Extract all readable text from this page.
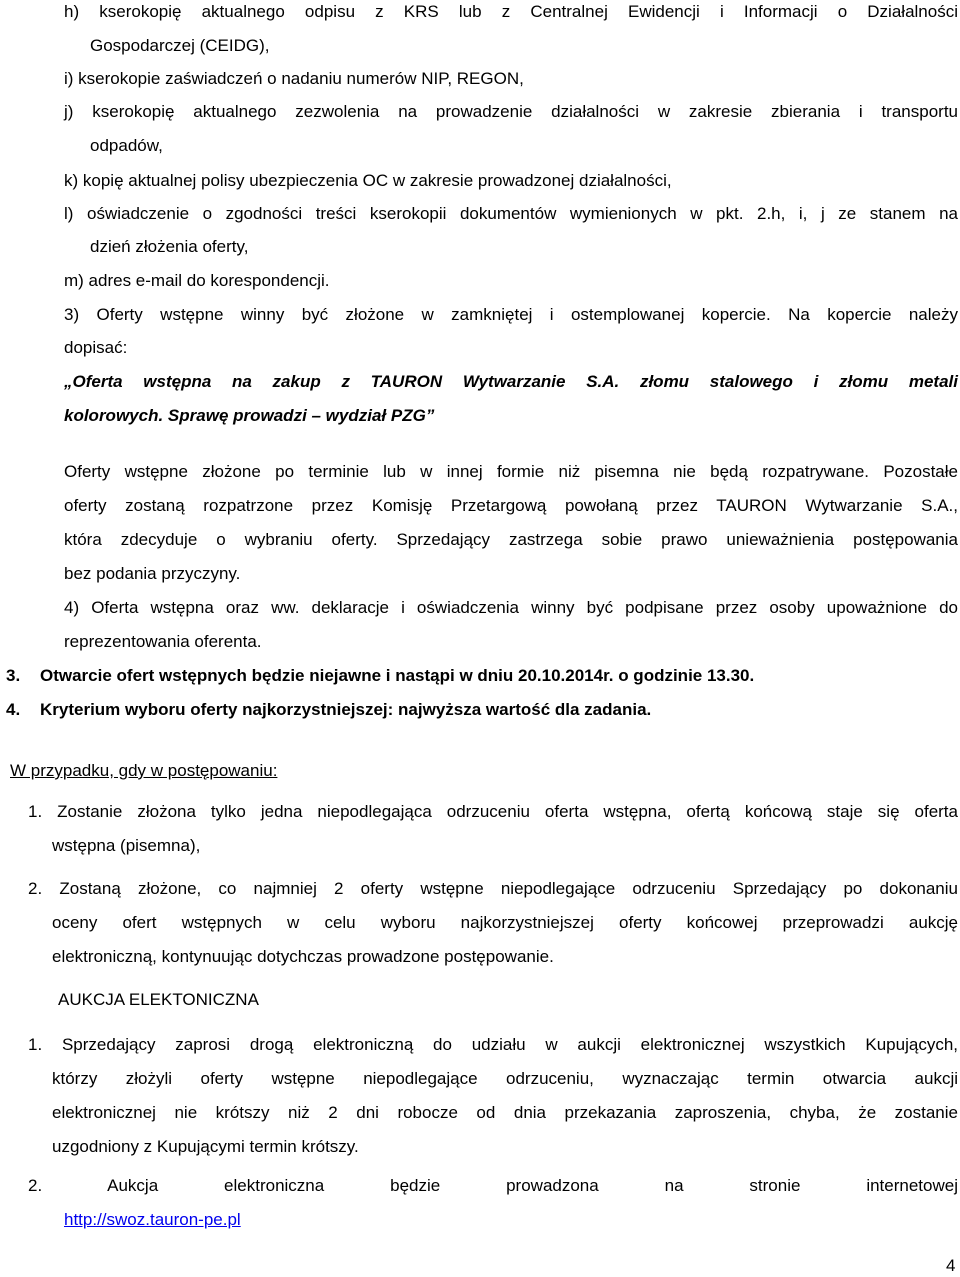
h) kserokopię aktualnego odpisu z KRS lub z Centralnej Ewidencji i Informacji o Działalności
Gospodarczej (CEIDG),
i) kserokopie zaświadczeń o nadaniu numerów NIP, REGON,
j) kserokopię aktualnego zezwolenia na prowadzenie działalności w zakresie zbierania i transportu
odpadów,
k) kopię aktualnej polisy ubezpieczenia OC w zakresie prowadzonej działalności,
l) oświadczenie o zgodności treści kserokopii dokumentów wymienionych w pkt. 2.h, i, j ze stanem na
dzień złożenia oferty,
m) adres e-mail do korespondencji.
3) Oferty wstępne winny być złożone w zamkniętej i ostemplowanej kopercie. Na kopercie należy
dopisać:
„Oferta wstępna na zakup z TAURON Wytwarzanie S.A. złomu stalowego i złomu metali
kolorowych. Sprawę prowadzi – wydział PZG”
Oferty wstępne złożone po terminie lub w innej formie niż pisemna nie będą rozpatrywane. Pozostałe
oferty zostaną rozpatrzone przez Komisję Przetargową powołaną przez TAURON Wytwarzanie S.A.,
która zdecyduje o wybraniu oferty. Sprzedający zastrzega sobie prawo unieważnienia postępowania
bez podania przyczyny.
4) Oferta wstępna oraz ww. deklaracje i oświadczenia winny być podpisane przez osoby upoważnione do
reprezentowania oferenta.
3. Otwarcie ofert wstępnych będzie niejawne i nastąpi w dniu 20.10.2014r. o godzinie 13.30.
4. Kryterium wyboru oferty najkorzystniejszej: najwyższa wartość dla zadania.
W przypadku, gdy w postępowaniu:
1. Zostanie złożona tylko jedna niepodlegająca odrzuceniu oferta wstępna, ofertą końcową staje się oferta
wstępna (pisemna),
2. Zostaną złożone, co najmniej 2 oferty wstępne niepodlegające odrzuceniu Sprzedający po dokonaniu
oceny ofert wstępnych w celu wyboru najkorzystniejszej oferty końcowej przeprowadzi aukcję
elektroniczną, kontynuując dotychczas prowadzone postępowanie.
AUKCJA ELEKTONICZNA
1. Sprzedający zaprosi drogą elektroniczną do udziału w aukcji elektronicznej wszystkich Kupujących,
którzy złożyli oferty wstępne niepodlegające odrzuceniu, wyznaczając termin otwarcia aukcji
elektronicznej nie krótszy niż 2 dni robocze od dnia przekazania zaproszenia, chyba, że zostanie
uzgodniony z Kupującymi termin krótszy.
2. Aukcja elektroniczna będzie prowadzona na stronie internetowej
http://swoz.tauron-pe.pl
4
